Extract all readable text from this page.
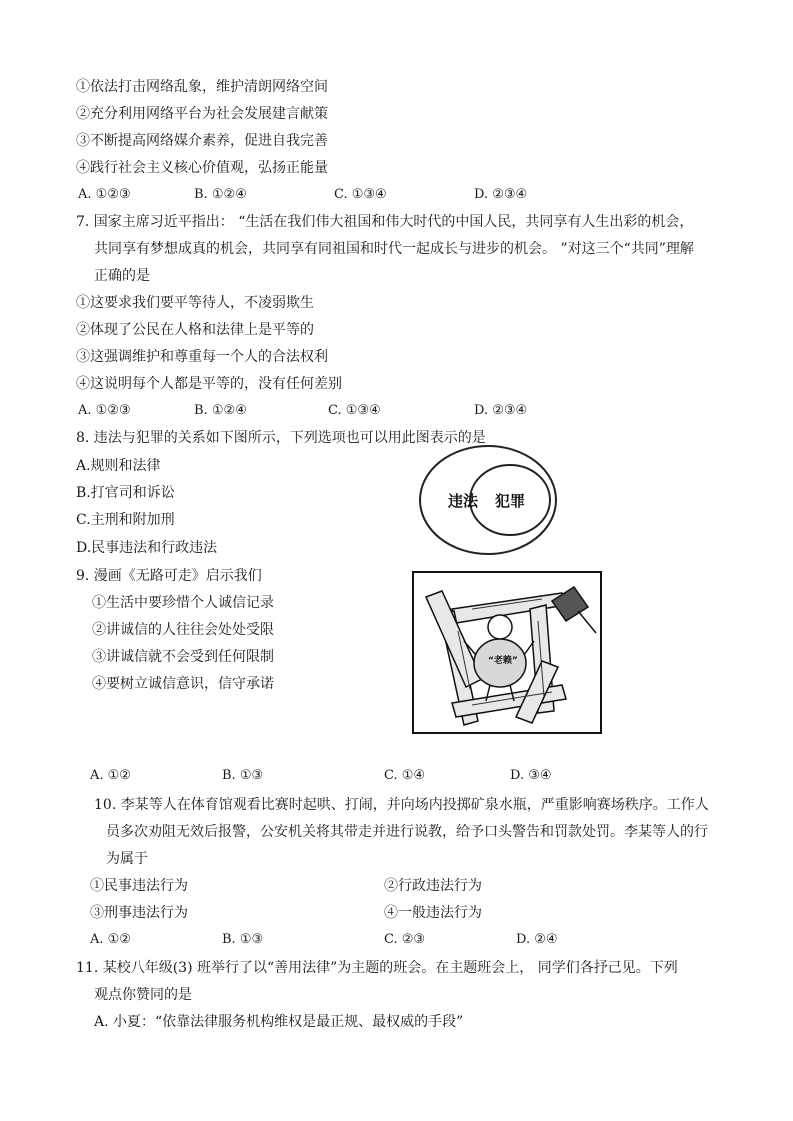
①依法打击网络乱象，维护清朗网络空间
②充分利用网络平台为社会发展建言献策
③不断提高网络媒介素养，促进自我完善
④践行社会主义核心价值观，弘扬正能量
A. ①②③	B. ①②④	C. ①③④	D. ②③④
7. 国家主席习近平指出： “生活在我们伟大祖国和伟大时代的中国人民，共同享有人生出彩的机会，
共同享有梦想成真的机会，共同享有同祖国和时代一起成长与进步的机会。 ”对这三个“共同”理解
正确的是
①这要求我们要平等待人，不凌弱欺生
②体现了公民在人格和法律上是平等的
③这强调维护和尊重每一个人的合法权利
④这说明每个人都是平等的，没有任何差别
A. ①②③	B. ①②④	C. ①③④	D. ②③④
8. 违法与犯罪的关系如下图所示，下列选项也可以用此图表示的是
A.规则和法律
B.打官司和诉讼
C.主刑和附加刑
D.民事违法和行政违法
违法 犯罪
9. 漫画《无路可走》启示我们
①生活中要珍惜个人诚信记录
②讲诚信的人往往会处处受限
③讲诚信就不会受到任何限制
④要树立诚信意识，信守承诺
“老赖”
A. ①②	B. ①③	C. ①④	D. ③④
10. 李某等人在体育馆观看比赛时起哄、打闹，并向场内投掷矿泉水瓶，严重影响赛场秩序。工作人
员多次劝阻无效后报警，公安机关将其带走并进行说教，给予口头警告和罚款处罚。李某等人的行
为属于
①民事违法行为	②行政违法行为
③刑事违法行为	④一般违法行为
A. ①②	B. ①③	C. ②③	D. ②④
11. 某校八年级(3) 班举行了以“善用法律”为主题的班会。在主题班会上， 同学们各抒己见。下列
观点你赞同的是
A. 小夏：“依靠法律服务机构维权是最正规、最权威的手段”
